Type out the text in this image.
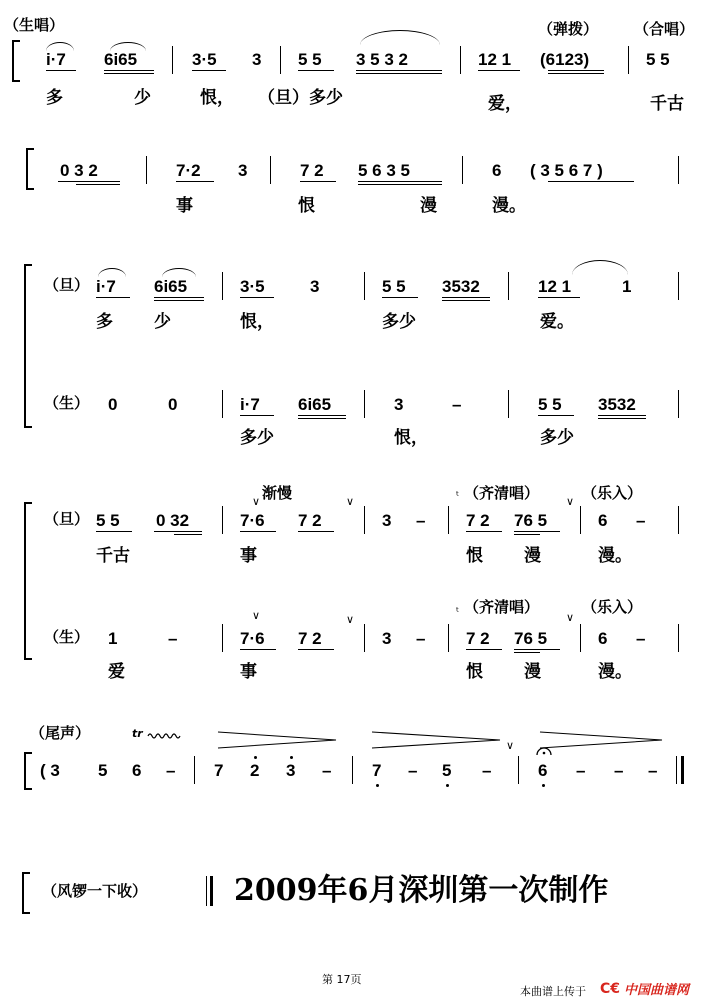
（生唱）	（弹拨） （合唱）
i·7 6i65	3·5 3 5 5 3 5 3 2	12 1 (6123)	5 5
多	少	恨， （旦）多少	爱，	千古
0 3 2	7·2 3	7 2 5 6 3 5	6 ( 3 5 6 7 )
事	恨	漫	漫。
（旦） i·7 6i65	3·5	3	5 5 3532	12 1	1
多 少	恨，	多少	爱。
（生） 0	0	i·7 6i65	3	–	5 5 3532
多少	恨，	多少
渐慢
∨	∨	ᵗ （齐清唱） ∨ （乐入）
（旦） 5 5 0 32	7·6 7 2	3 – 7 2 76 5	6 –
千古	事	恨 漫	漫。
∨	∨
ᵗ （齐清唱）
∨
（乐入）
（生） 1	–	7·6 7 2	3 – 7 2 76 5	6 –
爱	事	恨 漫	漫。
（尾声）	tr
∨
( 3 5 6 – 7 2 3 – 7 – 5 –	6 – – –
（风锣一下收）	2009年6月深圳第一次制作
第 17页
本曲谱上传于 C€ 中国曲谱网
